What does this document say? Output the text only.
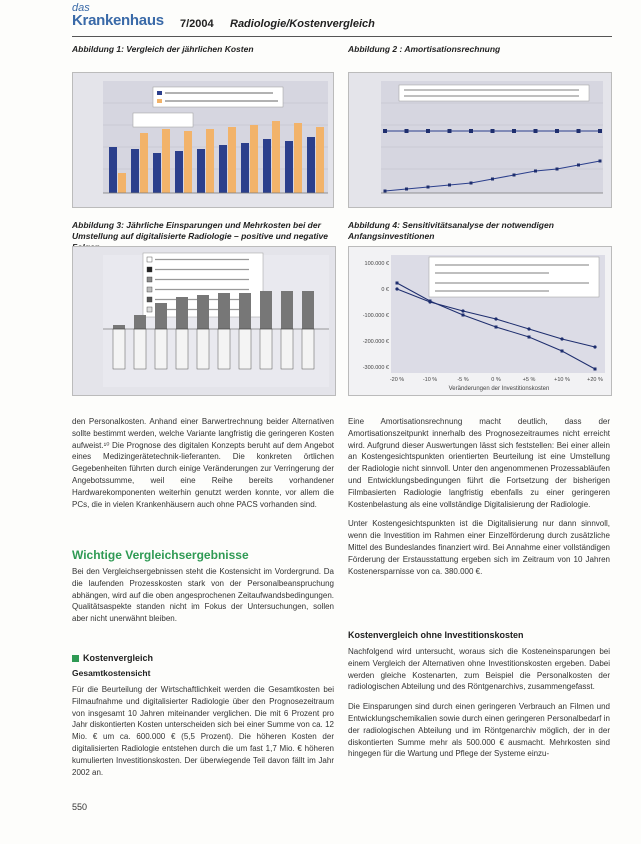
das
Krankenhaus 7/2004 Radiologie/Kostenvergleich
Abbildung 1: Vergleich der jährlichen Kosten	Abbildung 2 : Amortisationsrechnung
Abbildung 3: Jährliche Einsparungen und Mehrkosten bei der Umstellung auf digitalisierte Radiologie – positive und negative
Abbildung 4: Sensitivitätsanalyse der notwendigen Anfangsinvestitionen
-20 %	-10 %	-5 %	0 %	+5 %	+10 %	+20 %
100.000 €
0 €
-100.000 €
-200.000 €
-300.000 €
Veränderungen der Investitionskosten

den Personalkosten. Anhand einer Barwertrechnung beider Alternativen sollte bestimmt werden, welche Variante langfristig die geringeren Kosten aufweist.¹⁰ Die Prognose des digitalen Konzepts beruht auf dem Angebot eines Medizingerätetechnik-lieferanten. Die konkreten örtlichen Gegebenheiten führten durch einige Veränderungen zur Verringerung der Angebotssumme, weil eine Reihe bereits vorhandener Hardwarekomponenten weiterhin genutzt werden konnte, vor allem die PCs, die in vielen Krankenhäusern auch ohne PACS vorhanden sind.

Wichtige Vergleichsergebnisse

Bei den Vergleichsergebnissen steht die Kostensicht im Vordergrund. Da die laufenden Prozesskosten stark von der Personalbeanspruchung abhängen, wird auf die oben angesprochenen Zeitaufwandsbedingungen. Qualitätsaspekte standen nicht im Fokus der Untersuchungen, sollen aber nicht unerwähnt bleiben.

Kostenvergleich
Gesamtkostensicht

Für die Beurteilung der Wirtschaftlichkeit werden die Gesamtkosten bei Filmaufnahme und digitalisierter Radiologie über den Prognosezeitraum von insgesamt 10 Jahren miteinander verglichen. Die mit 6 Prozent pro Jahr diskontierten Kosten unterscheiden sich bei einer Summe von ca. 12 Mio. € um ca. 600.000 € (5,5 Prozent). Die höheren Kosten der digitalisierten Radiologie entstehen durch die um fast 1,7 Mio. € höheren kumulierten Investitionskosten. Der überwiegende Teil davon fällt im Jahr 2002 an.

550

Eine Amortisationsrechnung macht deutlich, dass der Amortisationszeitpunkt innerhalb des Prognosezeitraumes nicht erreicht wird. Aufgrund dieser Auswertungen lässt sich feststellen: Bei einer allein an Kostengesichtspunkten orientierten Beurteilung ist eine Umstellung der Radiologie nicht sinnvoll. Unter den angenommenen Prozessabläufen und Entwicklungsbedingungen führt die Fortsetzung der bisherigen Filmbasierten Radiologie langfristig ebenfalls zu einer geringeren Kostenbelastung als eine vollständige Digitalisierung der Radiologie.

Unter Kostengesichtspunkten ist die Digitalisierung nur dann sinnvoll, wenn die Investition im Rahmen einer Einzelförderung durch zusätzliche Mittel des Bundeslandes finanziert wird. Bei Annahme einer vollständigen Förderung der Erstausstattung ergeben sich im Zeitraum von 10 Jahren Kostenersparnisse von ca. 380.000 €.

Kostenvergleich ohne Investitionskosten

Nachfolgend wird untersucht, woraus sich die Kosteneinsparungen bei einem Vergleich der Alternativen ohne Investitionskosten ergeben. Dabei werden gleiche Kostenarten, zum Beispiel die Personalkosten der radiologischen Abteilung und des Röntgenarchivs, zusammengefasst.

Die Einsparungen sind durch einen geringeren Verbrauch an Filmen und Entwicklungschemikalien sowie durch einen geringeren Personalbedarf in der radiologischen Abteilung und im Röntgenarchiv möglich, der in der diskontierten Summe mehr als 500.000 € ausmacht. Mehrkosten sind hingegen für die Wartung und Pflege der Systeme einzu-
